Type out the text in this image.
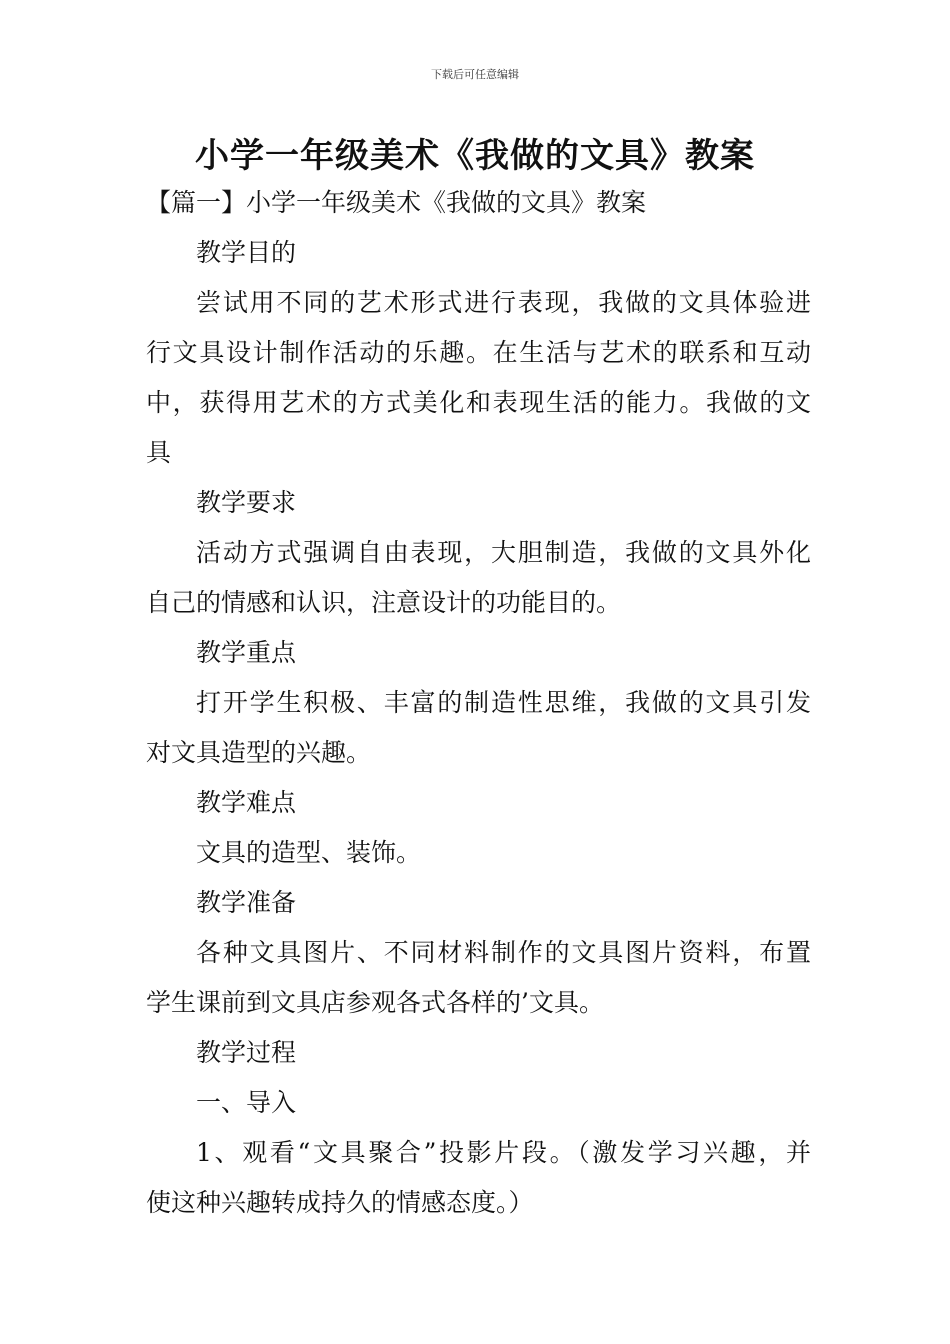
下载后可任意编辑
小学一年级美术《我做的文具》教案
【篇一】小学一年级美术《我做的文具》教案
教学目的
尝试用不同的艺术形式进行表现，我做的文具体验进
行文具设计制作活动的乐趣。在生活与艺术的联系和互动
中，获得用艺术的方式美化和表现生活的能力。我做的文
具
教学要求
活动方式强调自由表现，大胆制造，我做的文具外化
自己的情感和认识，注意设计的功能目的。
教学重点
打开学生积极、丰富的制造性思维，我做的文具引发
对文具造型的兴趣。
教学难点
文具的造型、装饰。
教学准备
各种文具图片、不同材料制作的文具图片资料，布置
学生课前到文具店参观各式各样的’文具。
教学过程
一、导入
1、观看“文具聚合”投影片段。（激发学习兴趣，并
使这种兴趣转成持久的情感态度。）
